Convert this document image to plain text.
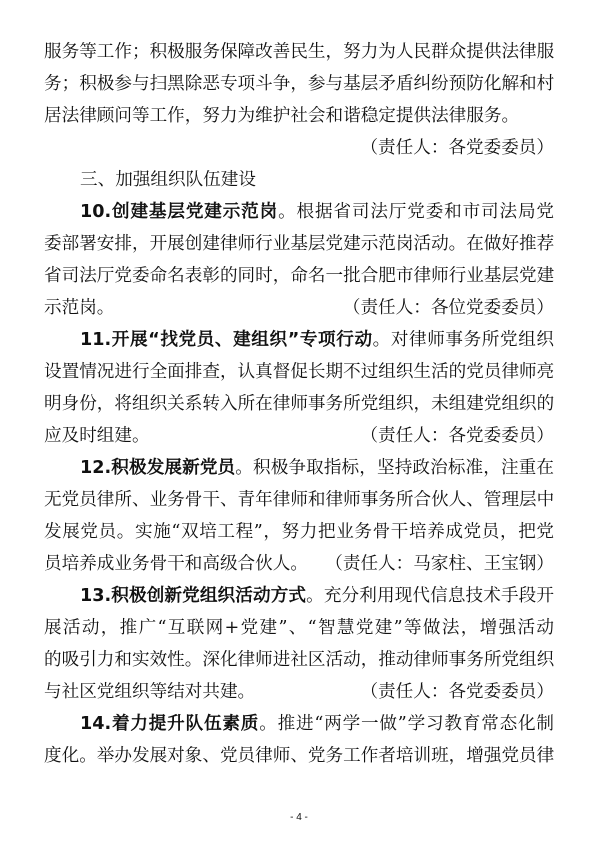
服务等工作；积极服务保障改善民生，努力为人民群众提供法律服
务；积极参与扫黑除恶专项斗争，参与基层矛盾纠纷预防化解和村
居法律顾问等工作，努力为维护社会和谐稳定提供法律服务。
（责任人：各党委委员）
三、加强组织队伍建设
10.创建基层党建示范岗。根据省司法厅党委和市司法局党
委部署安排，开展创建律师行业基层党建示范岗活动。在做好推荐
省司法厅党委命名表彰的同时，命名一批合肥市律师行业基层党建
示范岗。	（责任人：各位党委委员）
11.开展“找党员、建组织”专项行动。对律师事务所党组织
设置情况进行全面排查，认真督促长期不过组织生活的党员律师亮
明身份，将组织关系转入所在律师事务所党组织，未组建党组织的
应及时组建。	（责任人：各党委委员）
12.积极发展新党员。积极争取指标，坚持政治标准，注重在
无党员律所、业务骨干、青年律师和律师事务所合伙人、管理层中
发展党员。实施“双培工程”，努力把业务骨干培养成党员，把党
员培养成业务骨干和高级合伙人。 （责任人：马家柱、王宝钢）
13.积极创新党组织活动方式。充分利用现代信息技术手段开
展活动，推广“互联网+党建”、“智慧党建”等做法，增强活动
的吸引力和实效性。深化律师进社区活动，推动律师事务所党组织
与社区党组织等结对共建。	（责任人：各党委委员）
14.着力提升队伍素质。推进“两学一做”学习教育常态化制
度化。举办发展对象、党员律师、党务工作者培训班，增强党员律
- 4 -
